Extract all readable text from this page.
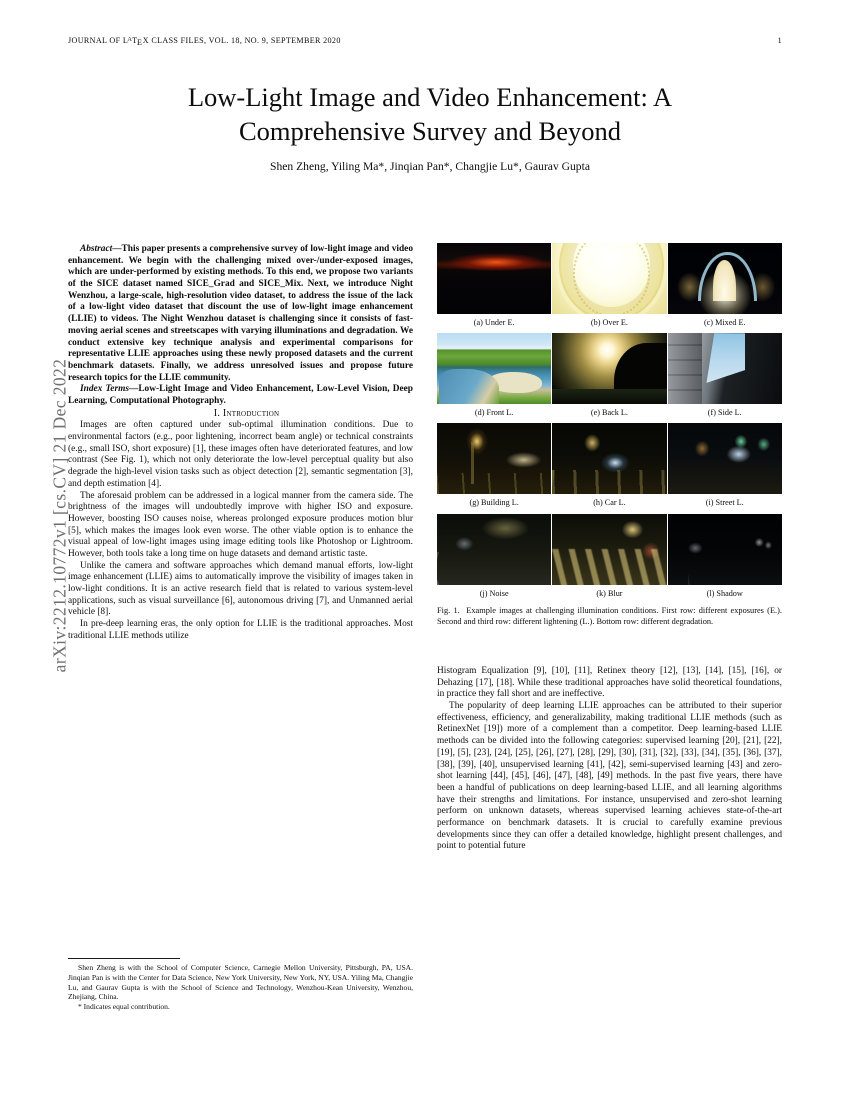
JOURNAL OF $L^ATEX$ CLASS FILES, VOL. 18, NO. 9, SEPTEMBER 2020	1
arXiv:2212.10772v1 [cs.CV] 21 Dec 2022
Low-Light Image and Video Enhancement: A Comprehensive Survey and Beyond
Shen Zheng, Yiling Ma*, Jinqian Pan*, Changjie Lu*, Gaurav Gupta

Abstract—This paper presents a comprehensive survey of low-light image and video enhancement. We begin with the challenging mixed over-/under-exposed images, which are under-performed by existing methods. To this end, we propose two variants of the SICE dataset named SICE_Grad and SICE_Mix. Next, we introduce Night Wenzhou, a large-scale, high-resolution video dataset, to address the issue of the lack of a low-light video dataset that discount the use of low-light image enhancement (LLIE) to videos. The Night Wenzhou dataset is challenging since it consists of fast-moving aerial scenes and streetscapes with varying illuminations and degradation. We conduct extensive key technique analysis and experimental comparisons for representative LLIE approaches using these newly proposed datasets and the current benchmark datasets. Finally, we address unresolved issues and propose future research topics for the LLIE community.

Index Terms—Low-Light Image and Video Enhancement, Low-Level Vision, Deep Learning, Computational Photography.

I. Introduction

Images are often captured under sub-optimal illumination conditions. Due to environmental factors (e.g., poor lightening, incorrect beam angle) or technical constraints (e.g., small ISO, short exposure) [1], these images often have deteriorated features, and low contrast (See Fig. 1), which not only deteriorate the low-level perceptual quality but also degrade the high-level vision tasks such as object detection [2], semantic segmentation [3], and depth estimation [4].

The aforesaid problem can be addressed in a logical manner from the camera side. The brightness of the images will undoubtedly improve with higher ISO and exposure. However, boosting ISO causes noise, whereas prolonged exposure produces motion blur [5], which makes the images look even worse. The other viable option is to enhance the visual appeal of low-light images using image editing tools like Photoshop or Lightroom. However, both tools take a long time on huge datasets and demand artistic taste.

Unlike the camera and software approaches which demand manual efforts, low-light image enhancement (LLIE) aims to automatically improve the visibility of images taken in low-light conditions. It is an active research field that is related to various system-level applications, such as visual surveillance [6], autonomous driving [7], and Unmanned aerial vehicle [8].

In pre-deep learning eras, the only option for LLIE is the traditional approaches. Most traditional LLIE methods utilize

Shen Zheng is with the School of Computer Science, Carnegie Mellon University, Pittsburgh, PA, USA. Jinqian Pan is with the Center for Data Science, New York University, New York, NY, USA. Yiling Ma, Changjie Lu, and Gaurav Gupta is with the School of Science and Technology, Wenzhou-Kean University, Wenzhou, Zhejiang, China.

* Indicates equal contribution.

(a) Under E.	(b) Over E.	(c) Mixed E.
(d) Front L.	(e) Back L.	(f) Side L.
(g) Building L.	(h) Car L.	(i) Street L.
(j) Noise	(k) Blur	(l) Shadow
Fig. 1. Example images at challenging illumination conditions. First row: different exposures (E.). Second and third row: different lightening (L.). Bottom row: different degradation.

Histogram Equalization [9], [10], [11], Retinex theory [12], [13], [14], [15], [16], or Dehazing [17], [18]. While these traditional approaches have solid theoretical foundations, in practice they fall short and are ineffective.

The popularity of deep learning LLIE approaches can be attributed to their superior effectiveness, efficiency, and generalizability, making traditional LLIE methods (such as RetinexNet [19]) more of a complement than a competitor. Deep learning-based LLIE methods can be divided into the following categories: supervised learning [20], [21], [22], [19], [5], [23], [24], [25], [26], [27], [28], [29], [30], [31], [32], [33], [34], [35], [36], [37], [38], [39], [40], unsupervised learning [41], [42], semi-supervised learning [43] and zero-shot learning [44], [45], [46], [47], [48], [49] methods. In the past five years, there have been a handful of publications on deep learning-based LLIE, and all learning algorithms have their strengths and limitations. For instance, unsupervised and zero-shot learning perform on unknown datasets, whereas supervised learning achieves state-of-the-art performance on benchmark datasets. It is crucial to carefully examine previous developments since they can offer a detailed knowledge, highlight present challenges, and point to potential future
